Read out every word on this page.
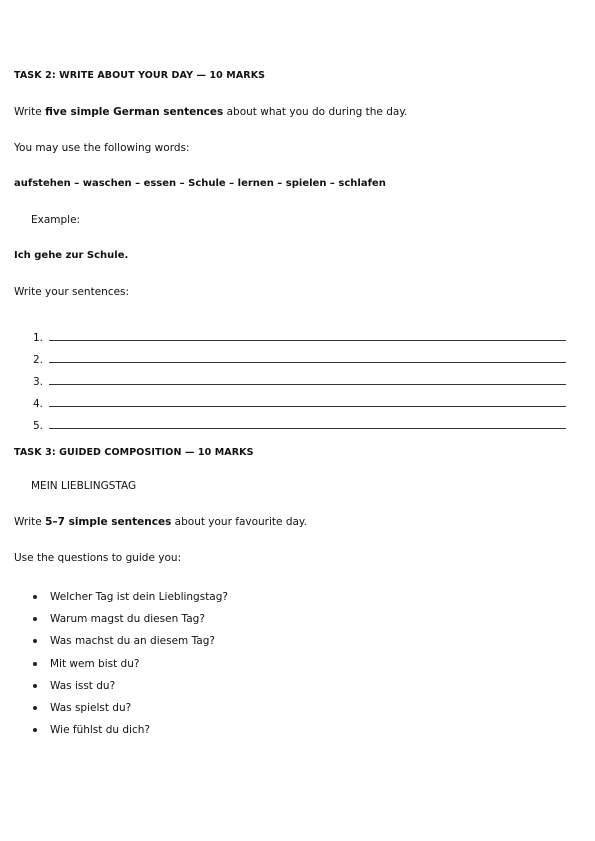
TASK 2: WRITE ABOUT YOUR DAY — 10 MARKS
Write five simple German sentences about what you do during the day.
You may use the following words:
aufstehen – waschen – essen – Schule – lernen – spielen – schlafen
Example:
Ich gehe zur Schule.
Write your sentences:
1.
2.
3.
4.
5.
TASK 3: GUIDED COMPOSITION — 10 MARKS
MEIN LIEBLINGSTAG
Write 5–7 simple sentences about your favourite day.
Use the questions to guide you:
Welcher Tag ist dein Lieblingstag?
Warum magst du diesen Tag?
Was machst du an diesem Tag?
Mit wem bist du?
Was isst du?
Was spielst du?
Wie fühlst du dich?
